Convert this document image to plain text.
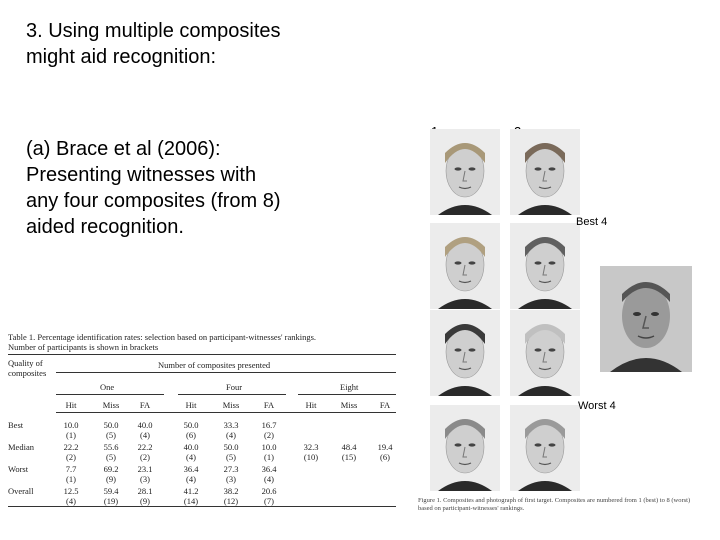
3. Using multiple composites
might aid recognition:
(a) Brace et al (2006):
Presenting witnesses with
any four composites (from 8)
aided recognition.
Table 1. Percentage identification rates: selection based on participant-witnesses' rankings.
Number of participants is shown in brackets
Quality of
composites
Number of composites presented
One	Four	Eight
Hit	Miss	FA	Hit	Miss	FA	Hit	Miss	FA
Best	10.0	50.0	40.0	50.0	33.3	16.7
(1)	(5)	(4)	(6)	(4)	(2)
Median	22.2	55.6	22.2	40.0	50.0	10.0	32.3	48.4	19.4
(2)	(5)	(2)	(4)	(5)	(1)	(10)	(15)	(6)
Worst	7.7	69.2	23.1	36.4	27.3	36.4
(1)	(9)	(3)	(4)	(3)	(4)
Overall	12.5	59.4	28.1	41.2	38.2	20.6
(4)	(19)	(9)	(14)	(12)	(7)
Best 4
Worst 4
Figure 1. Composites and photograph of first target. Composites are numbered from 1 (best) to 8 (worst) based on participant-witnesses' rankings.
